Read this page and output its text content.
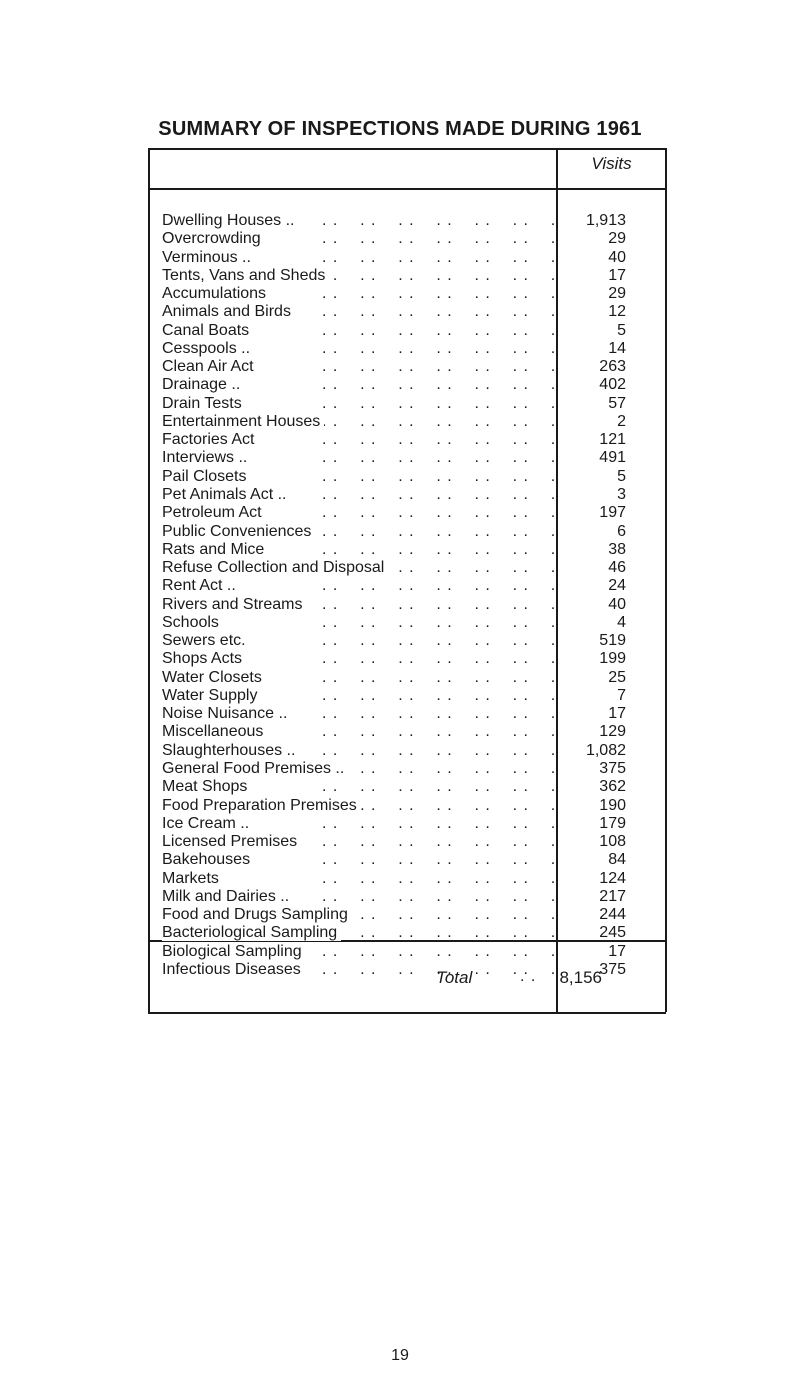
SUMMARY OF INSPECTIONS MADE DURING 1961
Visits
Dwelling Houses .. . .	1,913
Overcrowding . .	29
Verminous .. . .	40
Tents, Vans and Sheds . .	17
Accumulations . .	29
Animals and Birds . .	12
Canal Boats . .	5
Cesspools .. . .	14
Clean Air Act . .	263
Drainage .. . .	402
Drain Tests . .	57
Entertainment Houses . .	2
Factories Act . .	121
Interviews .. . .	491
Pail Closets . .	5
Pet Animals Act .. . .	3
Petroleum Act . .	197
Public Conveniences . .	6
Rats and Mice . .	38
Refuse Collection and Disposal . .	46
Rent Act .. . .	24
Rivers and Streams . .	40
Schools . .	4
Sewers etc. . .	519
Shops Acts . .	199
Water Closets . .	25
Water Supply . .	7
Noise Nuisance .. . .	17
Miscellaneous . .	129
Slaughterhouses .. . .	1,082
General Food Premises .. . .	375
Meat Shops . .	362
Food Preparation Premises . .	190
Ice Cream .. . .	179
Licensed Premises . .	108
Bakehouses . .	84
Markets . .	124
Milk and Dairies .. . .	217
Food and Drugs Sampling . .	244
Bacteriological Sampling . .	245
Biological Sampling . .	17
Infectious Diseases . .	375
Total	. . 8,156
19
